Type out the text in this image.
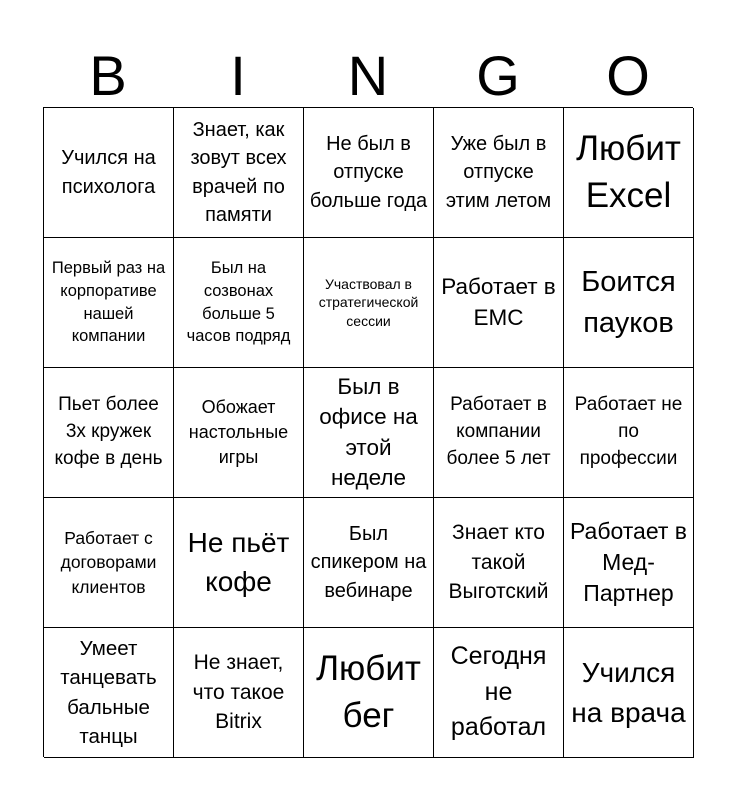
B	I	N	G	O
Учился на психолога
Знает, как зовут всех врачей по памяти
Не был в отпуске больше года
Уже был в отпуске этим летом
Любит Excel
Первый раз на корпоративе нашей компании
Был на созвонах больше 5 часов подряд
Участвовал в стратегической сессии
Работает в ЕМС
Боится пауков
Пьет более 3х кружек кофе в день
Обожает настольные игры
Был в офисе на этой неделе
Работает в компании более 5 лет
Работает не по профессии
Работает с договорами клиентов
Не пьёт кофе
Был спикером на вебинаре
Знает кто такой Выготский
Работает в Мед-Партнер
Умеет танцевать бальные танцы
Не знает, что такое Bitrix
Любит бег
Сегодня не работал
Учился на врача
